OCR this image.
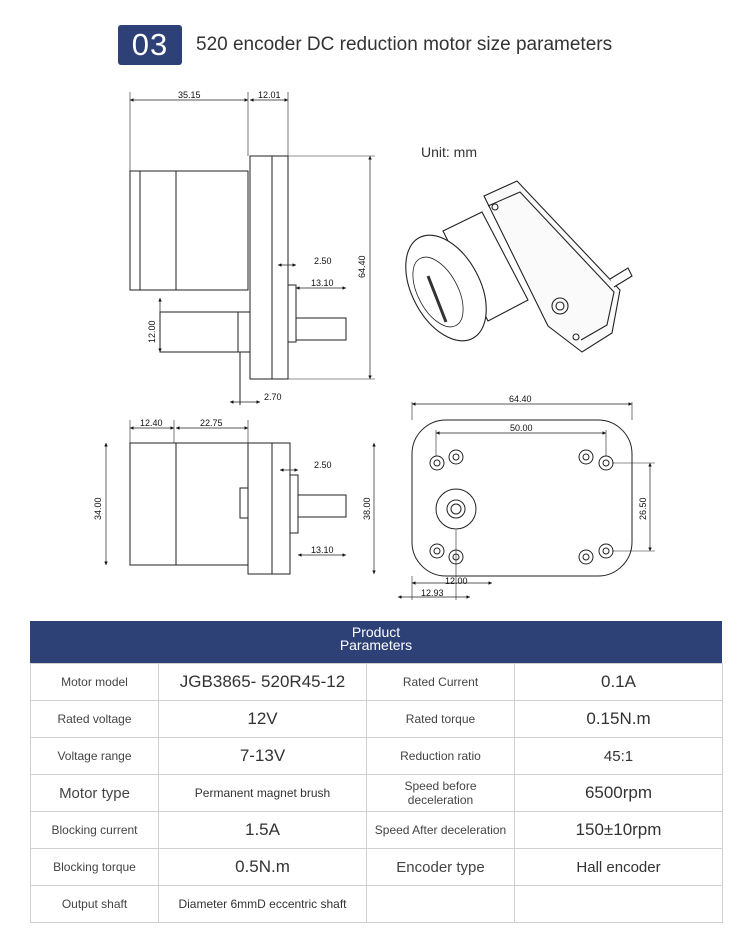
03	520 encoder DC reduction motor size parameters
Unit: mm
35.15	12.01
2.50
13.10
64.40
12.00
2.70
12.40	22.75
2.50
34.00	38.00
13.10
64.40
50.00
26.50
12.00
12.93
Product
Parameters
Motor model	JGB3865- 520R45-12	Rated Current	0.1A
Rated voltage	12V	Rated torque	0.15N.m
Voltage range	7-13V	Reduction ratio	45:1
Motor type	Permanent magnet brush	Speed before deceleration	6500rpm
Blocking current	1.5A	Speed After deceleration	150±10rpm
Blocking torque	0.5N.m	Encoder type	Hall encoder
Output shaft	Diameter 6mmD eccentric shaft		
